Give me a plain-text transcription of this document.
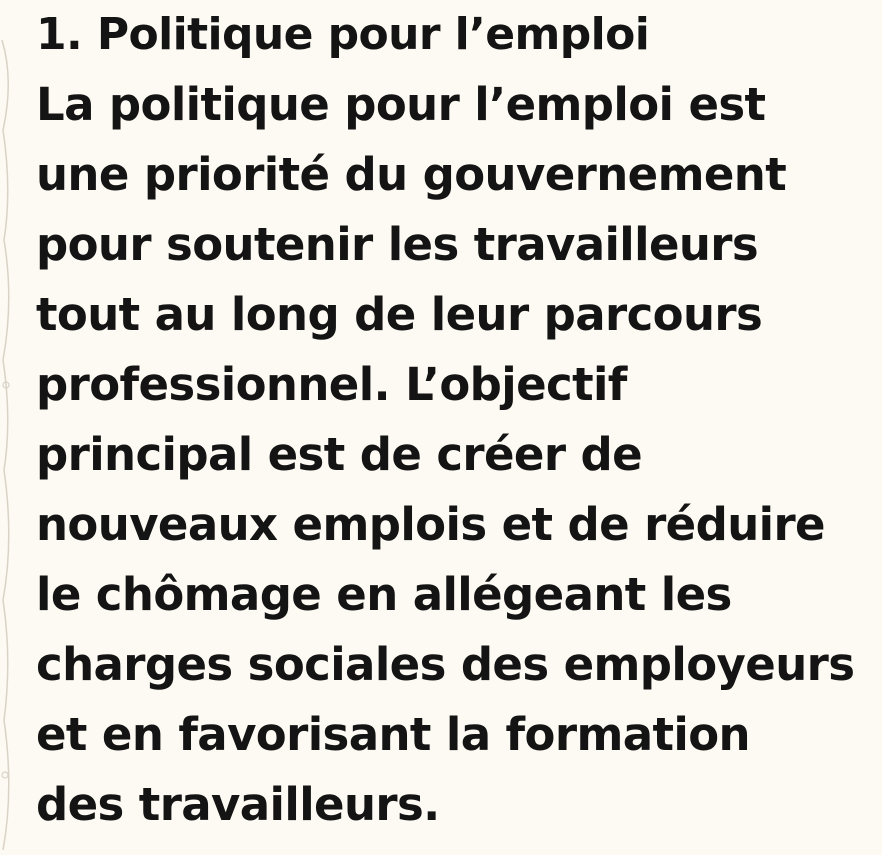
1. Politique pour l’emploi
La politique pour l’emploi est
une priorité du gouvernement
pour soutenir les travailleurs
tout au long de leur parcours
professionnel. L’objectif
principal est de créer de
nouveaux emplois et de réduire
le chômage en allégeant les
charges sociales des employeurs
et en favorisant la formation
des travailleurs.
